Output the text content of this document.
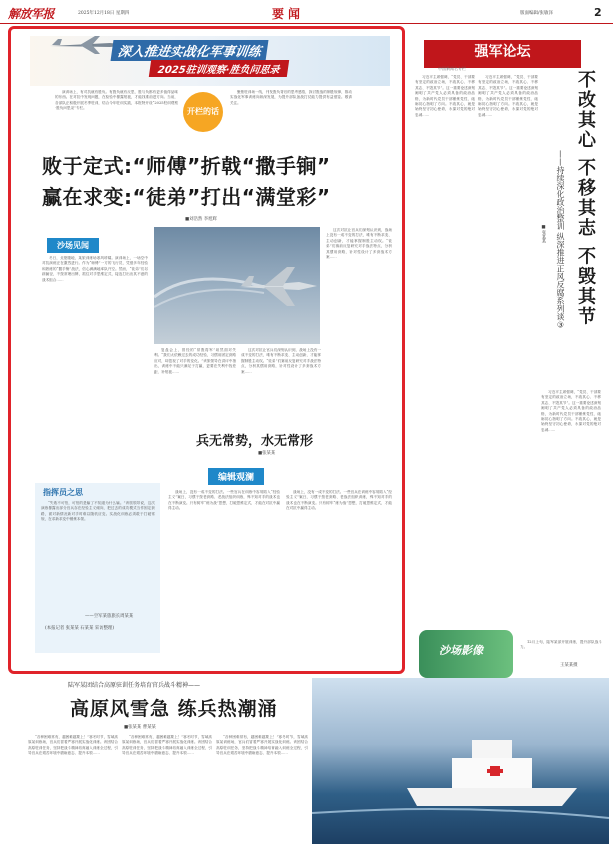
解放军报	2025年12月18日 星期四	要闻	版面编辑/张敏泽	2
深入推进实战化军事训练
2025驻训观察·胜负问思录

演训场上，有对抗就有胜负。有胜负就有反思，胜与负都有更多值得品味的东西。在对抗中发现问题，在检验中暴露短板，才能找准前进方向。当前，各部队正积极开展冬季驻训，结合今年驻训实践，本报特开设“2025驻训观察·胜负问思录”专栏。	开栏的话

聚焦驻训场一线，刊发胜负背后的思考感悟，探讨胜战的制胜规律，推动实战化军事训练向纵深发展，为提升部队备战打仗能力提供有益借鉴。敬请关注。

败于定式:“师傅”折戟“撒手锏”
赢在求变:“徒弟”打出“满堂彩”
■刘浩然 李旭辉
沙场见闻

冬日，戈壁腹地，某旅训练场寒风呼啸。演训场上，一场空中对抗演练正在激烈进行。作为“师傅”一方的飞行员，凭借多年经验和熟练的“撒手锏”战法，信心满满地率队升空。然而，“徒弟”们另辟蹊径，不按常理出牌，抓住对手思维定式，接连打出出其不意的战术组合……

复盘会上，曾经的“常胜将军”坦然面对失利。“我们太依赖过去的成功经验，习惯用固定套路应对，却忽视了对手的变化。”该旅领导在讲评中指出，训练中不能只满足于打赢，更要在失利中找差距、补短板……

这次对抗让官兵们深刻认识到，战场上没有一成不变的打法，唯有不断求变、主动创新，才能掌握制胜主动权。“徒弟”们赛前反复研究对手战法特点，分析其惯用套路，针对性设计了多套战术方案……

这次对抗让官兵们深刻认识到，战场上没有一成不变的打法，唯有不断求变、主动创新，才能掌握制胜主动权。“徒弟”们赛前反复研究对手战法特点，分析其惯用套路，针对性设计了多套战术方案……

指挥员之思

“失败不可怕，可怕的是输了不知道为什么输。”该旅领导说，这次演练暴露出部分官兵存在经验主义倾向，把过去的成功模式当作固定套路，面对新情况新对手时难以随机应变。实战化训练必须敢于打破常规，在求新求变中锤炼本领。

——空军某旅旅长周某某
(本报记者 张某某 石某某 采访整理)
兵无常势，水无常形
■张某某
编辑观澜

战场上，没有一成不变的打法。一些官兵在训练中容易陷入“经验主义”窠臼，习惯于按老套路、老战法组织训练，殊不知对手的战术也在不断演变。只有树牢“练为战”思想，打破思维定式，才能在对抗中赢得主动。

战场上，没有一成不变的打法。一些官兵在训练中容易陷入“经验主义”窠臼，习惯于按老套路、老战法组织训练，殊不知对手的战术也在不断演变。只有树牢“练为战”思想，打破思维定式，才能在对抗中赢得主动。

强军论坛
中国新闻名专栏
不改其心 不移其志 不毁其节
——持续深化政治整训 纵深推进正风反腐系列谈③
■张某某

习近平主席强调，“党员、干部要有坚定的政治立场，不改其心、不移其志、不毁其节”。这一重要论述深刻阐明了共产党人必须具备的政治品格，为新时代党员干部锤炼党性、砥砺初心指明了方向。不改其心，就是始终坚守初心使命，永葆对党的绝对忠诚……

习近平主席强调，“党员、干部要有坚定的政治立场，不改其心、不移其志、不毁其节”。这一重要论述深刻阐明了共产党人必须具备的政治品格，为新时代党员干部锤炼党性、砥砺初心指明了方向。不改其心，就是始终坚守初心使命，永葆对党的绝对忠诚……

习近平主席强调，“党员、干部要有坚定的政治立场，不改其心、不移其志、不毁其节”。这一重要论述深刻阐明了共产党人必须具备的政治品格，为新时代党员干部锤炼党性、砥砺初心指明了方向。不改其心，就是始终坚守初心使命，永葆对党的绝对忠诚……

沙场影像

12月上旬，陆军某部开展训练，提升部队战斗力。

王某某摄
陆军某团结合高原驻训任务培育官兵战斗精神——
高原风雪急 练兵热潮涌
■张某某 曹某某

“各种困难常有，越困难越要上！”寒冬时节，雪域高原某训练场，官兵们冒着严寒开展实战化训练。该团结合高原驻训任务，坚持把战斗精神培育融入训练全过程，引导官兵在艰苦环境中磨砺意志、提升本领……

“各种困难常有，越困难越要上！”寒冬时节，雪域高原某训练场，官兵们冒着严寒开展实战化训练。该团结合高原驻训任务，坚持把战斗精神培育融入训练全过程，引导官兵在艰苦环境中磨砺意志、提升本领……

“各种困难常有，越困难越要上！”寒冬时节，雪域高原某训练场，官兵们冒着严寒开展实战化训练。该团结合高原驻训任务，坚持把战斗精神培育融入训练全过程，引导官兵在艰苦环境中磨砺意志、提升本领……
